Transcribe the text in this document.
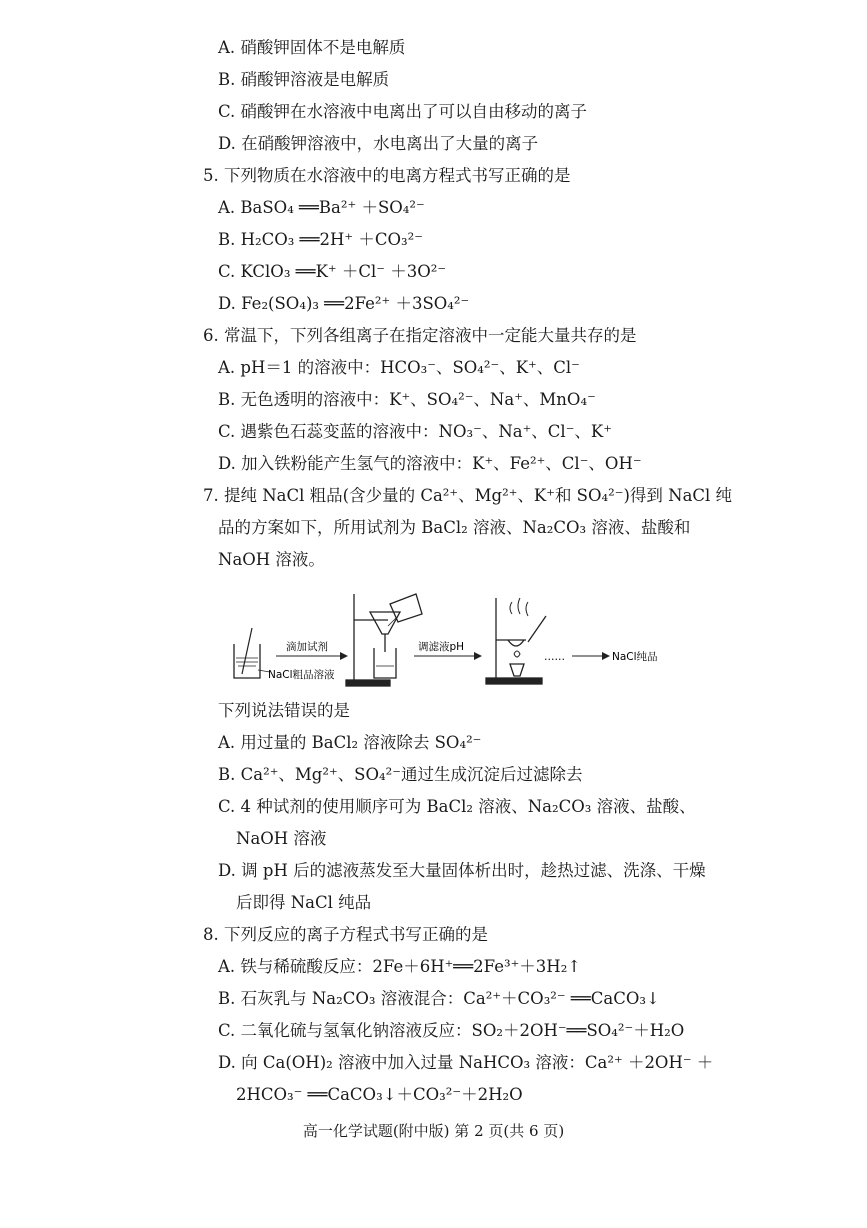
A. 硝酸钾固体不是电解质
B. 硝酸钾溶液是电解质
C. 硝酸钾在水溶液中电离出了可以自由移动的离子
D. 在硝酸钾溶液中，水电离出了大量的离子
5. 下列物质在水溶液中的电离方程式书写正确的是
A. BaSO₄ ══Ba²⁺ ＋SO₄²⁻
B. H₂CO₃ ══2H⁺ ＋CO₃²⁻
C. KClO₃ ══K⁺ ＋Cl⁻ ＋3O²⁻
D. Fe₂(SO₄)₃ ══2Fe²⁺ ＋3SO₄²⁻
6. 常温下，下列各组离子在指定溶液中一定能大量共存的是
A. pH＝1 的溶液中：HCO₃⁻、SO₄²⁻、K⁺、Cl⁻
B. 无色透明的溶液中：K⁺、SO₄²⁻、Na⁺、MnO₄⁻
C. 遇紫色石蕊变蓝的溶液中：NO₃⁻、Na⁺、Cl⁻、K⁺
D. 加入铁粉能产生氢气的溶液中：K⁺、Fe²⁺、Cl⁻、OH⁻
7. 提纯 NaCl 粗品(含少量的 Ca²⁺、Mg²⁺、K⁺和 SO₄²⁻)得到 NaCl 纯
品的方案如下，所用试剂为 BaCl₂ 溶液、Na₂CO₃ 溶液、盐酸和
NaOH 溶液。
下列说法错误的是
A. 用过量的 BaCl₂ 溶液除去 SO₄²⁻
B. Ca²⁺、Mg²⁺、SO₄²⁻通过生成沉淀后过滤除去
C. 4 种试剂的使用顺序可为 BaCl₂ 溶液、Na₂CO₃ 溶液、盐酸、
NaOH 溶液
D. 调 pH 后的滤液蒸发至大量固体析出时，趁热过滤、洗涤、干燥
后即得 NaCl 纯品
8. 下列反应的离子方程式书写正确的是
A. 铁与稀硫酸反应：2Fe＋6H⁺══2Fe³⁺＋3H₂↑
B. 石灰乳与 Na₂CO₃ 溶液混合：Ca²⁺＋CO₃²⁻ ══CaCO₃↓
C. 二氧化硫与氢氧化钠溶液反应：SO₂＋2OH⁻══SO₄²⁻＋H₂O
D. 向 Ca(OH)₂ 溶液中加入过量 NaHCO₃ 溶液：Ca²⁺ ＋2OH⁻ ＋
2HCO₃⁻ ══CaCO₃↓＋CO₃²⁻＋2H₂O
NaCl粗品溶液
滴加试剂	调滤液pH
……	NaCl纯品
高一化学试题(附中版) 第 2 页(共 6 页)
